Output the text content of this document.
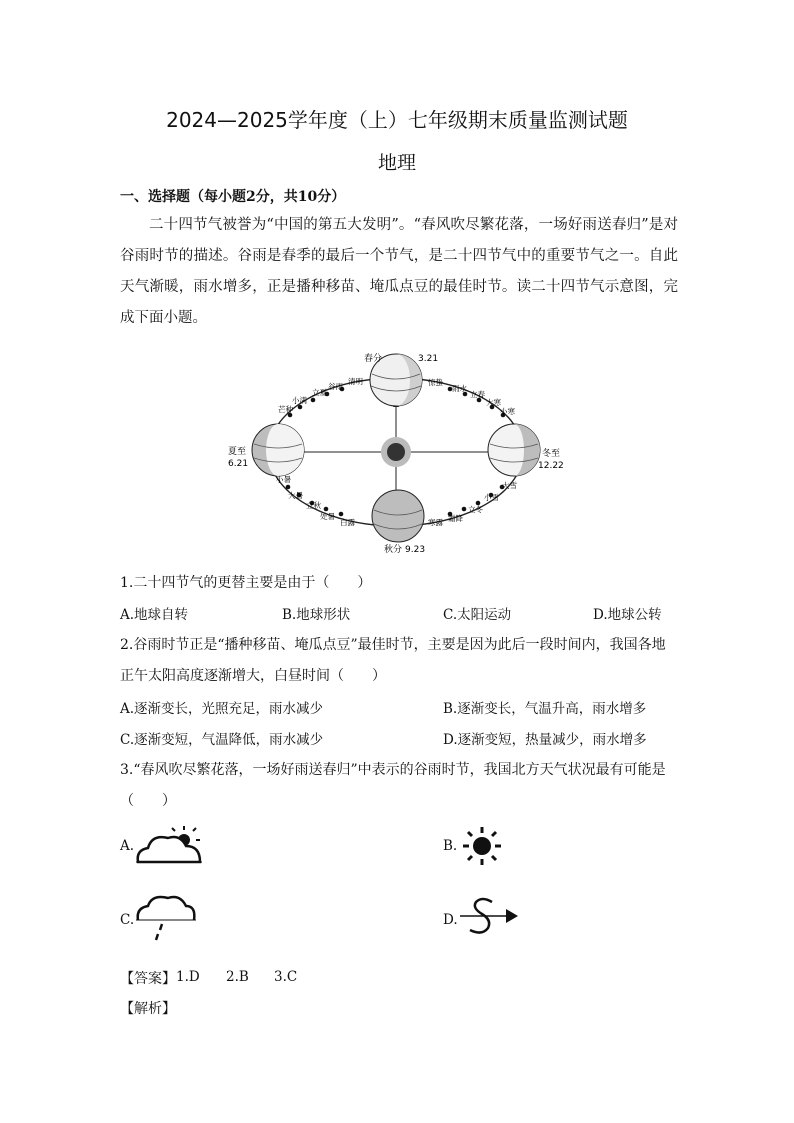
2024—2025学年度（上）七年级期末质量监测试题
地理
一、选择题（每小题2分，共10分）
二十四节气被誉为“中国的第五大发明”。“春风吹尽繁花落，一场好雨送春归”是对谷雨时节的描述。谷雨是春季的最后一个节气，是二十四节气中的重要节气之一。自此天气渐暖，雨水增多，正是播种移苗、埯瓜点豆的最佳时节。读二十四节气示意图，完成下面小题。
春分	3.21
夏至
6.21
秋分 9.23
冬至
12.22
清明
谷雨
立夏
小满
芒种
惊蛰
雨水
立春
大寒
小寒
小暑
大暑
立秋
处暑
白露
大雪
小雪
立冬
霜降
寒露
1.二十四节气的更替主要是由于（　　）
A.地球自转	B.地球形状	C.太阳运动	D.地球公转
2.谷雨时节正是“播种移苗、埯瓜点豆”最佳时节，主要是因为此后一段时间内，我国各地
正午太阳高度逐渐增大，白昼时间（　　）
A.逐渐变长，光照充足，雨水减少	B.逐渐变长，气温升高，雨水增多
C.逐渐变短，气温降低，雨水减少	D.逐渐变短，热量减少，雨水增多
3.“春风吹尽繁花落，一场好雨送春归”中表示的谷雨时节，我国北方天气状况最有可能是
（　　）
A.	B.
C.	D.
【答案】 1.D 2.B 3.C
【解析】
